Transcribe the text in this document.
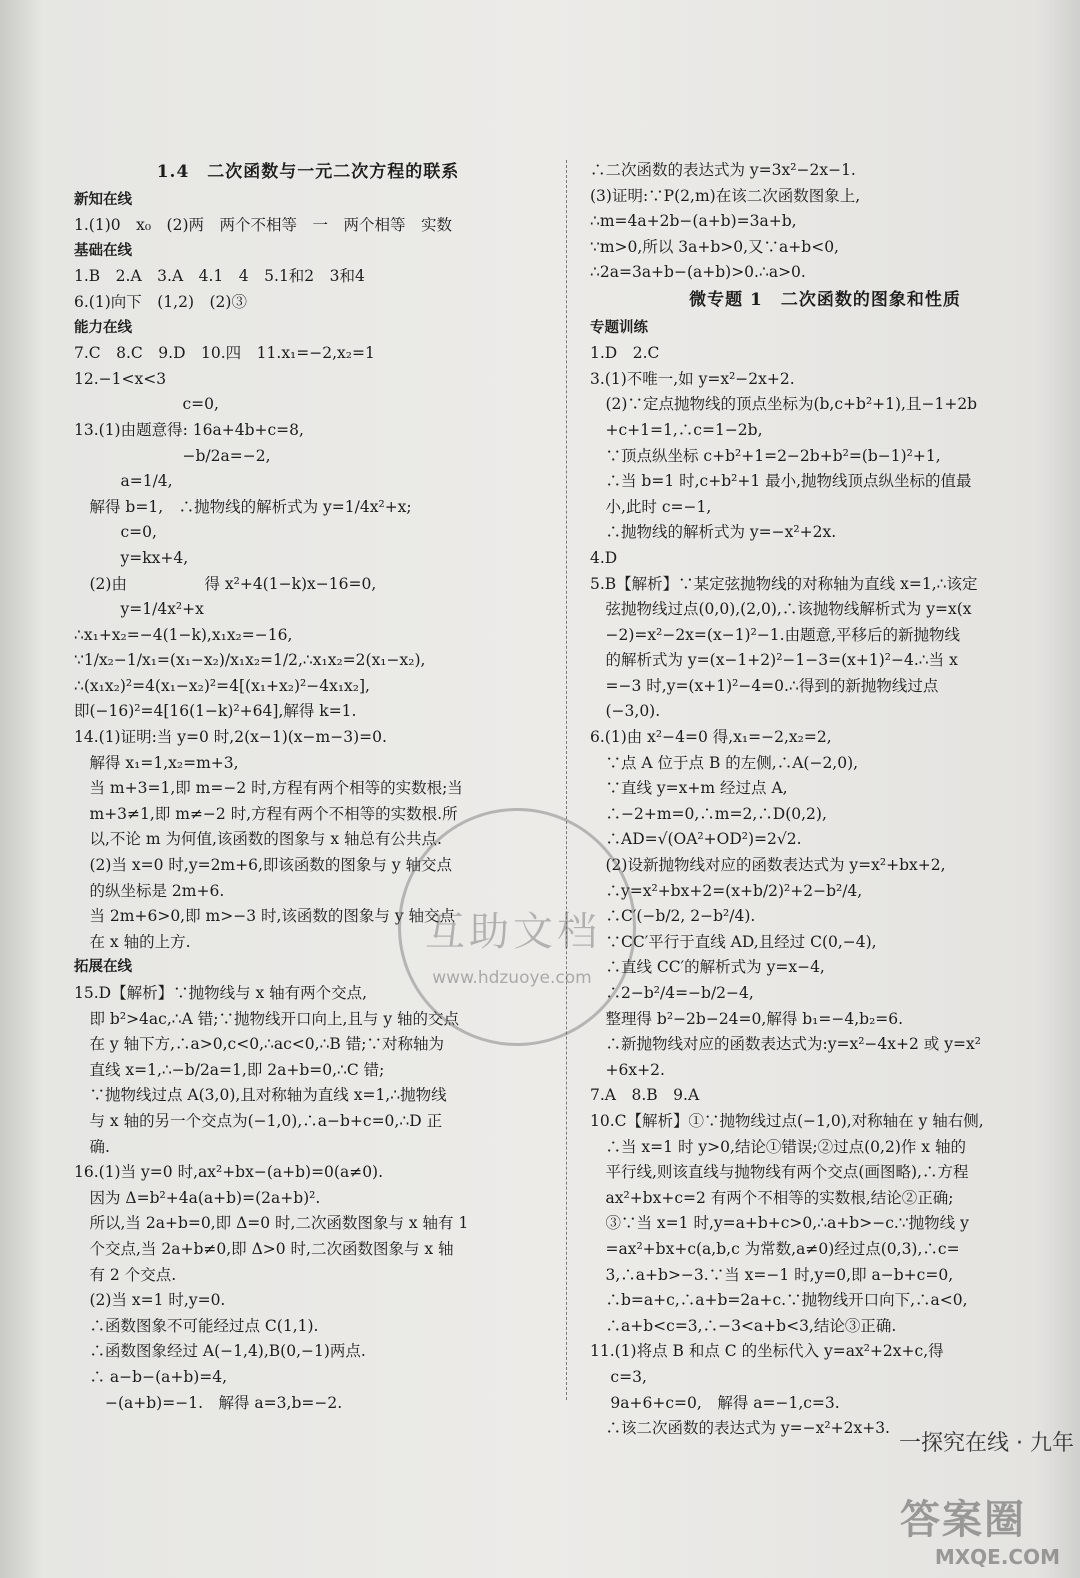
1.4　二次函数与一元二次方程的联系
新知在线
1.(1)0　x₀　(2)两　两个不相等　一　两个相等　实数
基础在线
1.B　2.A　3.A　4.1　4　5.1和2　3和4
6.(1)向下　(1,2)　(2)③
能力在线
7.C　8.C　9.D　10.四　11.x₁=−2,x₂=1
12.−1<x<3
　　　　　　　c=0,
13.(1)由题意得: 16a+4b+c=8,
　　　　　　　−b/2a=−2,
　　　a=1/4,
　解得 b=1,　∴抛物线的解析式为 y=1/4x²+x;
　　　c=0,
　　　y=kx+4,
　(2)由　　　　　得 x²+4(1−k)x−16=0,
　　　y=1/4x²+x
∴x₁+x₂=−4(1−k),x₁x₂=−16,
∵1/x₂−1/x₁=(x₁−x₂)/x₁x₂=1/2,∴x₁x₂=2(x₁−x₂),
∴(x₁x₂)²=4(x₁−x₂)²=4[(x₁+x₂)²−4x₁x₂],
即(−16)²=4[16(1−k)²+64],解得 k=1.
14.(1)证明:当 y=0 时,2(x−1)(x−m−3)=0.
　解得 x₁=1,x₂=m+3,
　当 m+3=1,即 m=−2 时,方程有两个相等的实数根;当
　m+3≠1,即 m≠−2 时,方程有两个不相等的实数根.所
　以,不论 m 为何值,该函数的图象与 x 轴总有公共点.
　(2)当 x=0 时,y=2m+6,即该函数的图象与 y 轴交点
　的纵坐标是 2m+6.
　当 2m+6>0,即 m>−3 时,该函数的图象与 y 轴交点
　在 x 轴的上方.
拓展在线
15.D【解析】∵抛物线与 x 轴有两个交点,
　即 b²>4ac,∴A 错;∵抛物线开口向上,且与 y 轴的交点
　在 y 轴下方,∴a>0,c<0,∴ac<0,∴B 错;∵对称轴为
　直线 x=1,∴−b/2a=1,即 2a+b=0,∴C 错;
　∵抛物线过点 A(3,0),且对称轴为直线 x=1,∴抛物线
　与 x 轴的另一个交点为(−1,0),∴a−b+c=0,∴D 正
　确.
16.(1)当 y=0 时,ax²+bx−(a+b)=0(a≠0).
　因为 Δ=b²+4a(a+b)=(2a+b)².
　所以,当 2a+b=0,即 Δ=0 时,二次函数图象与 x 轴有 1
　个交点,当 2a+b≠0,即 Δ>0 时,二次函数图象与 x 轴
　有 2 个交点.
　(2)当 x=1 时,y=0.
　∴函数图象不可能经过点 C(1,1).
　∴函数图象经过 A(−1,4),B(0,−1)两点.
　∴ a−b−(a+b)=4,
　　−(a+b)=−1.　解得 a=3,b=−2.
∴二次函数的表达式为 y=3x²−2x−1.
(3)证明:∵P(2,m)在该二次函数图象上,
∴m=4a+2b−(a+b)=3a+b,
∵m>0,所以 3a+b>0,又∵a+b<0,
∴2a=3a+b−(a+b)>0.∴a>0.
微专题 1　二次函数的图象和性质
专题训练
1.D　2.C
3.(1)不唯一,如 y=x²−2x+2.
　(2)∵定点抛物线的顶点坐标为(b,c+b²+1),且−1+2b
　+c+1=1,∴c=1−2b,
　∵顶点纵坐标 c+b²+1=2−2b+b²=(b−1)²+1,
　∴当 b=1 时,c+b²+1 最小,抛物线顶点纵坐标的值最
　小,此时 c=−1,
　∴抛物线的解析式为 y=−x²+2x.
4.D
5.B【解析】∵某定弦抛物线的对称轴为直线 x=1,∴该定
　弦抛物线过点(0,0),(2,0),∴该抛物线解析式为 y=x(x
　−2)=x²−2x=(x−1)²−1.由题意,平移后的新抛物线
　的解析式为 y=(x−1+2)²−1−3=(x+1)²−4.∴当 x
　=−3 时,y=(x+1)²−4=0.∴得到的新抛物线过点
　(−3,0).
6.(1)由 x²−4=0 得,x₁=−2,x₂=2,
　∵点 A 位于点 B 的左侧,∴A(−2,0),
　∵直线 y=x+m 经过点 A,
　∴−2+m=0,∴m=2,∴D(0,2),
　∴AD=√(OA²+OD²)=2√2.
　(2)设新抛物线对应的函数表达式为 y=x²+bx+2,
　∴y=x²+bx+2=(x+b/2)²+2−b²/4,
　∴C′(−b/2, 2−b²/4).
　∵CC′平行于直线 AD,且经过 C(0,−4),
　∴直线 CC′的解析式为 y=x−4,
　∴2−b²/4=−b/2−4,
　整理得 b²−2b−24=0,解得 b₁=−4,b₂=6.
　∴新抛物线对应的函数表达式为:y=x²−4x+2 或 y=x²
　+6x+2.
7.A　8.B　9.A
10.C【解析】①∵抛物线过点(−1,0),对称轴在 y 轴右侧,
　∴当 x=1 时 y>0,结论①错误;②过点(0,2)作 x 轴的
　平行线,则该直线与抛物线有两个交点(画图略),∴方程
　ax²+bx+c=2 有两个不相等的实数根,结论②正确;
　③∵当 x=1 时,y=a+b+c>0,∴a+b>−c.∵抛物线 y
　=ax²+bx+c(a,b,c 为常数,a≠0)经过点(0,3),∴c=
　3,∴a+b>−3.∵当 x=−1 时,y=0,即 a−b+c=0,
　∴b=a+c,∴a+b=2a+c.∵抛物线开口向下,∴a<0,
　∴a+b<c=3,∴−3<a+b<3,结论③正确.
11.(1)将点 B 和点 C 的坐标代入 y=ax²+2x+c,得
　 c=3,
　 9a+6+c=0,　解得 a=−1,c=3.
　∴该二次函数的表达式为 y=−x²+2x+3.
一探究在线 · 九年
互助文档
www.hdzuoye.com
答案圈
MXQE.COM
